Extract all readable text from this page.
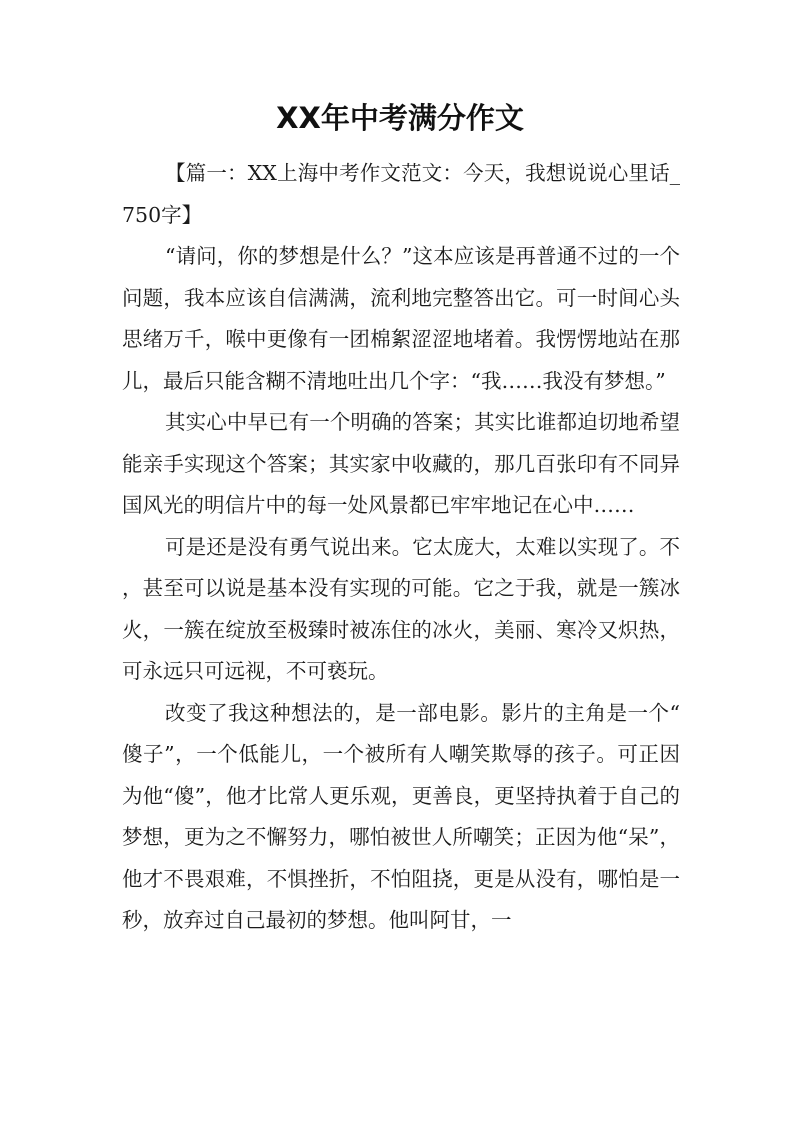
XX年中考满分作文

【篇一：XX上海中考作文范文：今天，我想说说心里话_750字】

“请问，你的梦想是什么？”这本应该是再普通不过的一个问题，我本应该自信满满，流利地完整答出它。可一时间心头思绪万千，喉中更像有一团棉絮涩涩地堵着。我愣愣地站在那儿，最后只能含糊不清地吐出几个字：“我……我没有梦想。”

其实心中早已有一个明确的答案；其实比谁都迫切地希望能亲手实现这个答案；其实家中收藏的，那几百张印有不同异国风光的明信片中的每一处风景都已牢牢地记在心中……

可是还是没有勇气说出来。它太庞大，太难以实现了。不，甚至可以说是基本没有实现的可能。它之于我，就是一簇冰火，一簇在绽放至极臻时被冻住的冰火，美丽、寒冷又炽热，可永远只可远视，不可亵玩。

改变了我这种想法的，是一部电影。影片的主角是一个“傻子”，一个低能儿，一个被所有人嘲笑欺辱的孩子。可正因为他“傻”，他才比常人更乐观，更善良，更坚持执着于自己的梦想，更为之不懈努力，哪怕被世人所嘲笑；正因为他“呆”，他才不畏艰难，不惧挫折，不怕阻挠，更是从没有，哪怕是一秒，放弃过自己最初的梦想。他叫阿甘，一
